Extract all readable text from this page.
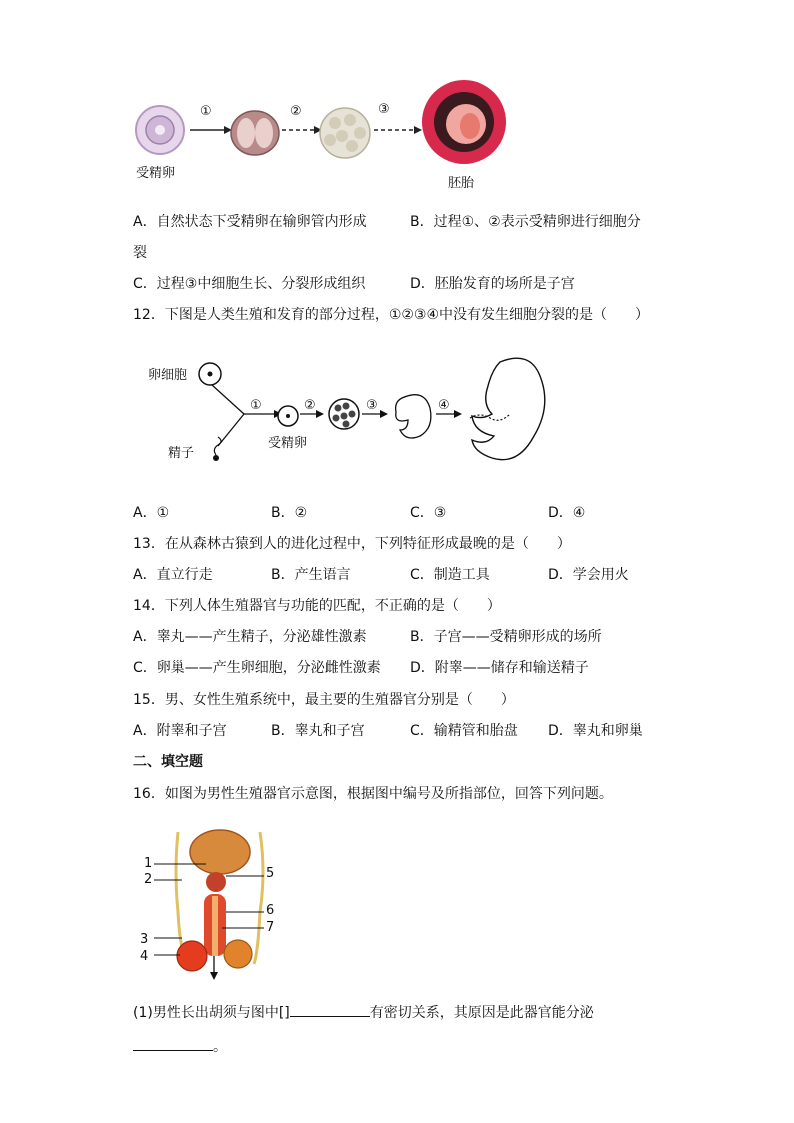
①	②	③
受精卵
胚胎
A．自然状态下受精卵在输卵管内形成	B．过程①、②表示受精卵进行细胞分
裂
C．过程③中细胞生长、分裂形成组织	D．胚胎发育的场所是子宫
12．下图是人类生殖和发育的部分过程，①②③④中没有发生细胞分裂的是（　　）
卵细胞
精子
受精卵
①	②	③	④
A．①	B．②	C．③	D．④
13．在从森林古猿到人的进化过程中，下列特征形成最晚的是（　　）
A．直立行走	B．产生语言	C．制造工具	D．学会用火
14．下列人体生殖器官与功能的匹配，不正确的是（　　）
A．睾丸——产生精子，分泌雄性激素	B．子宫——受精卵形成的场所
C．卵巢——产生卵细胞，分泌雌性激素 D．附睾——储存和输送精子
15．男、女性生殖系统中，最主要的生殖器官分别是（　　）
A．附睾和子宫	B．睾丸和子宫	C．输精管和胎盘 D．睾丸和卵巢
二、填空题
16．如图为男性生殖器官示意图，根据图中编号及所指部位，回答下列问题。
1
2
3
4
5
6
7
(1)男性长出胡须与图中[]	有密切关系，其原因是此器官能分泌
。
